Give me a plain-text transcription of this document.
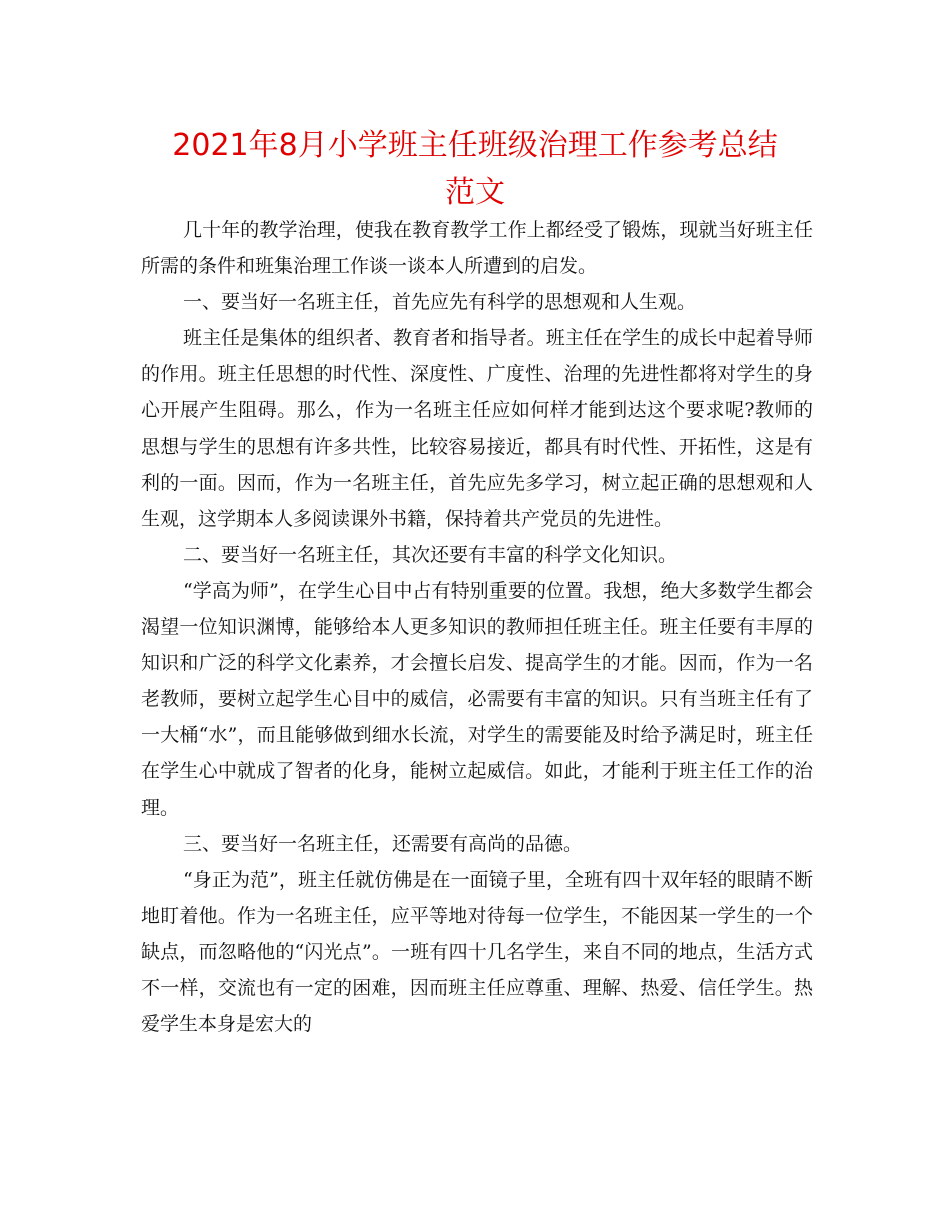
2021年8月小学班主任班级治理工作参考总结
范文

几十年的教学治理，使我在教育教学工作上都经受了锻炼，现就当好班主任所需的条件和班集治理工作谈一谈本人所遭到的启发。

一、要当好一名班主任，首先应先有科学的思想观和人生观。

班主任是集体的组织者、教育者和指导者。班主任在学生的成长中起着导师的作用。班主任思想的时代性、深度性、广度性、治理的先进性都将对学生的身心开展产生阻碍。那么，作为一名班主任应如何样才能到达这个要求呢?教师的思想与学生的思想有许多共性，比较容易接近，都具有时代性、开拓性，这是有利的一面。因而，作为一名班主任，首先应先多学习，树立起正确的思想观和人生观，这学期本人多阅读课外书籍，保持着共产党员的先进性。

二、要当好一名班主任，其次还要有丰富的科学文化知识。

“学高为师”，在学生心目中占有特别重要的位置。我想，绝大多数学生都会渴望一位知识渊博，能够给本人更多知识的教师担任班主任。班主任要有丰厚的知识和广泛的科学文化素养，才会擅长启发、提高学生的才能。因而，作为一名老教师，要树立起学生心目中的威信，必需要有丰富的知识。只有当班主任有了一大桶“水”，而且能够做到细水长流，对学生的需要能及时给予满足时，班主任在学生心中就成了智者的化身，能树立起威信。如此，才能利于班主任工作的治理。

三、要当好一名班主任，还需要有高尚的品德。

“身正为范”，班主任就仿佛是在一面镜子里，全班有四十双年轻的眼睛不断地盯着他。作为一名班主任，应平等地对待每一位学生，不能因某一学生的一个缺点，而忽略他的“闪光点”。一班有四十几名学生，来自不同的地点，生活方式不一样，交流也有一定的困难，因而班主任应尊重、理解、热爱、信任学生。热爱学生本身是宏大的
